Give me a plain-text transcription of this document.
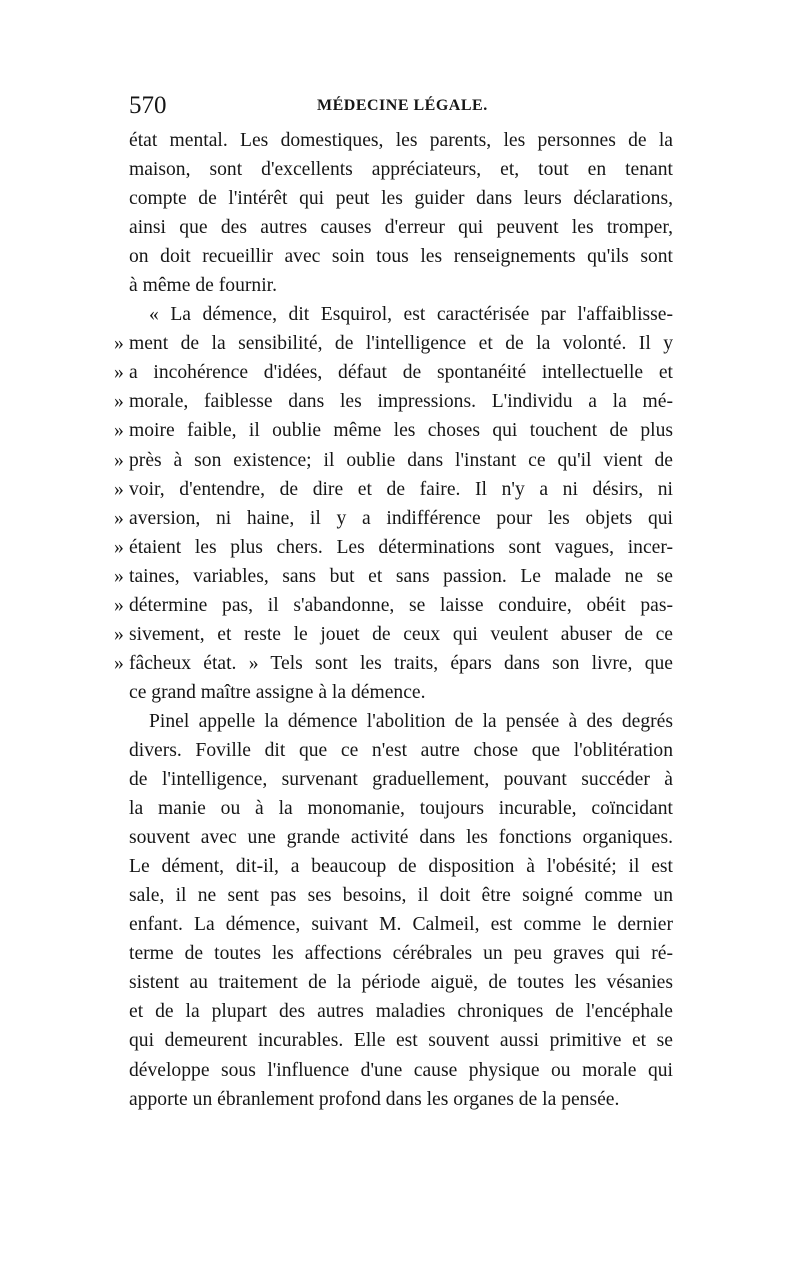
570	MÉDECINE LÉGALE.
état mental. Les domestiques, les parents, les personnes de la
maison, sont d'excellents appréciateurs, et, tout en tenant
compte de l'intérêt qui peut les guider dans leurs déclarations,
ainsi que des autres causes d'erreur qui peuvent les tromper,
on doit recueillir avec soin tous les renseignements qu'ils sont
à même de fournir.
« La démence, dit Esquirol, est caractérisée par l'affaiblisse-
» ment de la sensibilité, de l'intelligence et de la volonté. Il y
» a incohérence d'idées, défaut de spontanéité intellectuelle et
» morale, faiblesse dans les impressions. L'individu a la mé-
» moire faible, il oublie même les choses qui touchent de plus
» près à son existence; il oublie dans l'instant ce qu'il vient de
» voir, d'entendre, de dire et de faire. Il n'y a ni désirs, ni
» aversion, ni haine, il y a indifférence pour les objets qui
» étaient les plus chers. Les déterminations sont vagues, incer-
» taines, variables, sans but et sans passion. Le malade ne se
» détermine pas, il s'abandonne, se laisse conduire, obéit pas-
» sivement, et reste le jouet de ceux qui veulent abuser de ce
» fâcheux état. » Tels sont les traits, épars dans son livre, que
ce grand maître assigne à la démence.
Pinel appelle la démence l'abolition de la pensée à des degrés
divers. Foville dit que ce n'est autre chose que l'oblitération
de l'intelligence, survenant graduellement, pouvant succéder à
la manie ou à la monomanie, toujours incurable, coïncidant
souvent avec une grande activité dans les fonctions organiques.
Le dément, dit-il, a beaucoup de disposition à l'obésité; il est
sale, il ne sent pas ses besoins, il doit être soigné comme un
enfant. La démence, suivant M. Calmeil, est comme le dernier
terme de toutes les affections cérébrales un peu graves qui ré-
sistent au traitement de la période aiguë, de toutes les vésanies
et de la plupart des autres maladies chroniques de l'encéphale
qui demeurent incurables. Elle est souvent aussi primitive et se
développe sous l'influence d'une cause physique ou morale qui
apporte un ébranlement profond dans les organes de la pensée.
